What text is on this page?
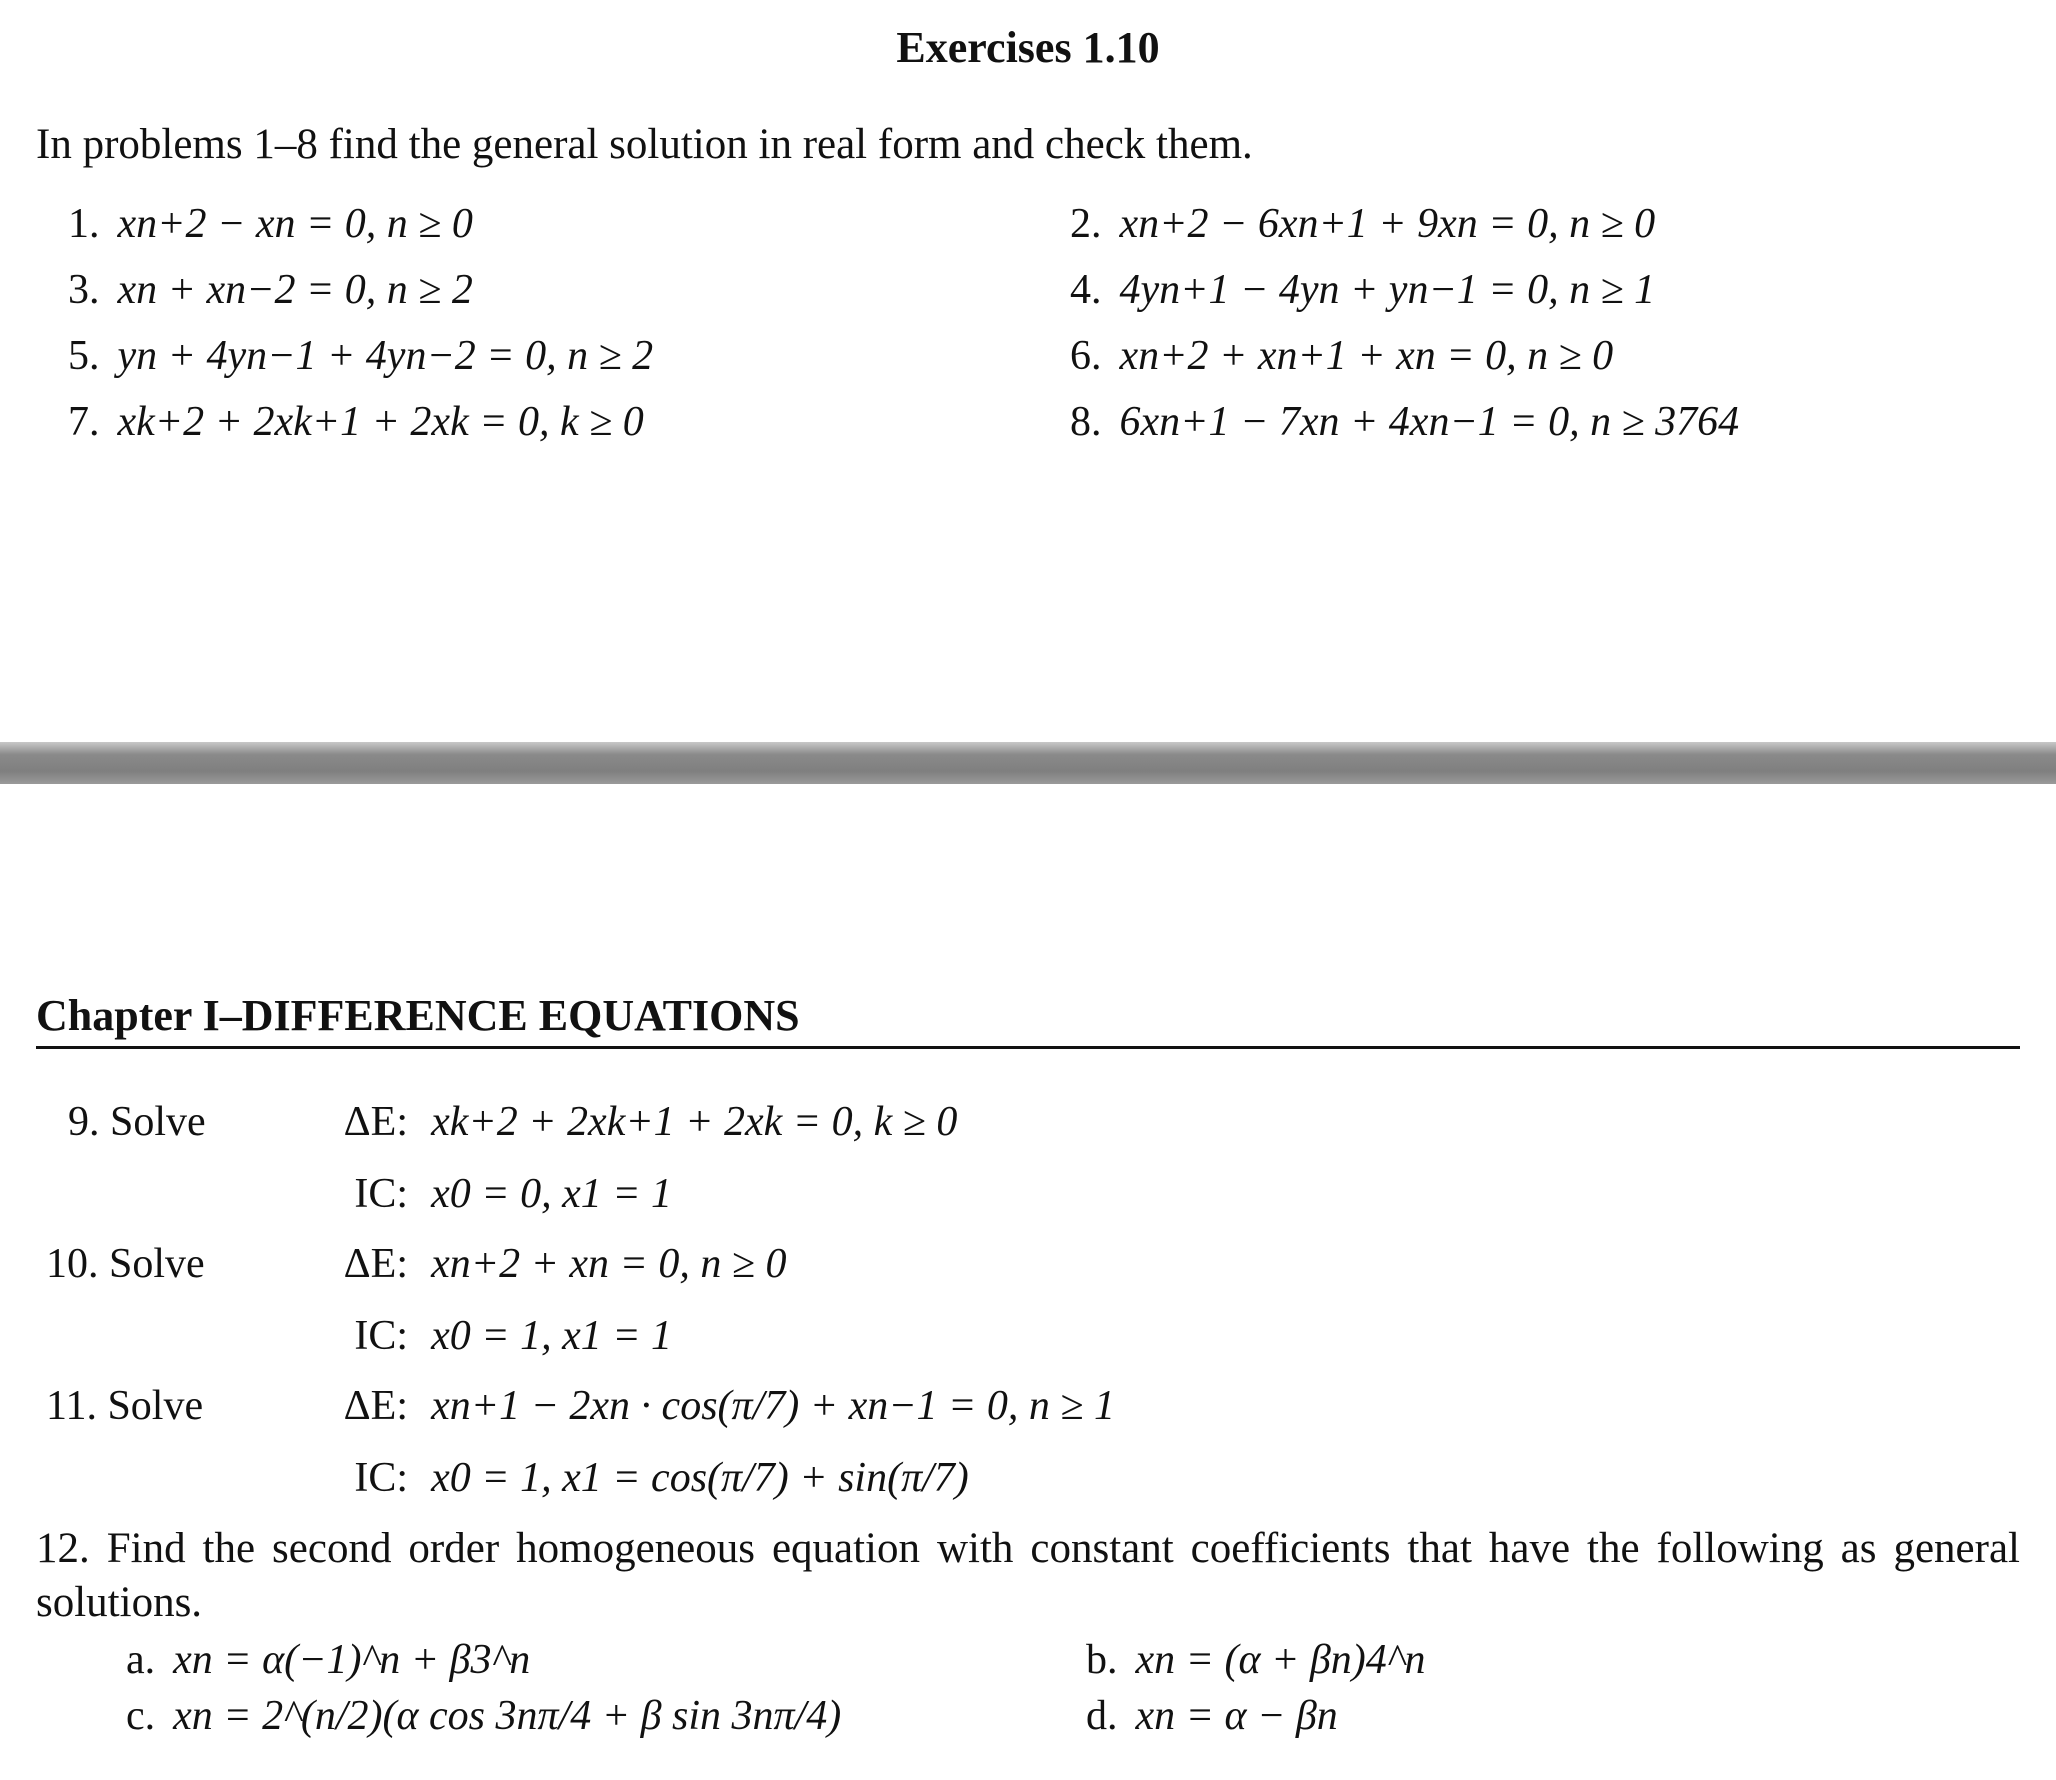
Exercises 1.10
In problems 1–8 find the general solution in real form and check them.
1. xn+2 − xn = 0, n ≥ 0	2. xn+2 − 6xn+1 + 9xn = 0, n ≥ 0
3. xn + xn−2 = 0, n ≥ 2	4. 4yn+1 − 4yn + yn−1 = 0, n ≥ 1
5. yn + 4yn−1 + 4yn−2 = 0, n ≥ 2	6. xn+2 + xn+1 + xn = 0, n ≥ 0
7. xk+2 + 2xk+1 + 2xk = 0, k ≥ 0	8. 6xn+1 − 7xn + 4xn−1 = 0, n ≥ 3764
Chapter I–DIFFERENCE EQUATIONS
9. Solve	ΔE: xk+2 + 2xk+1 + 2xk = 0, k ≥ 0
IC: x0 = 0, x1 = 1
10. Solve	ΔE: xn+2 + xn = 0, n ≥ 0
IC: x0 = 1, x1 = 1
11. Solve	ΔE: xn+1 − 2xn · cos(π/7) + xn−1 = 0, n ≥ 1
IC: x0 = 1, x1 = cos(π/7) + sin(π/7)
12. Find the second order homogeneous equation with constant coefficients that have the following as general solutions.
a. xn = α(−1)^n + β3^n	b. xn = (α + βn)4^n
c. xn = 2^(n/2)(α cos 3nπ/4 + β sin 3nπ/4)	d. xn = α − βn
